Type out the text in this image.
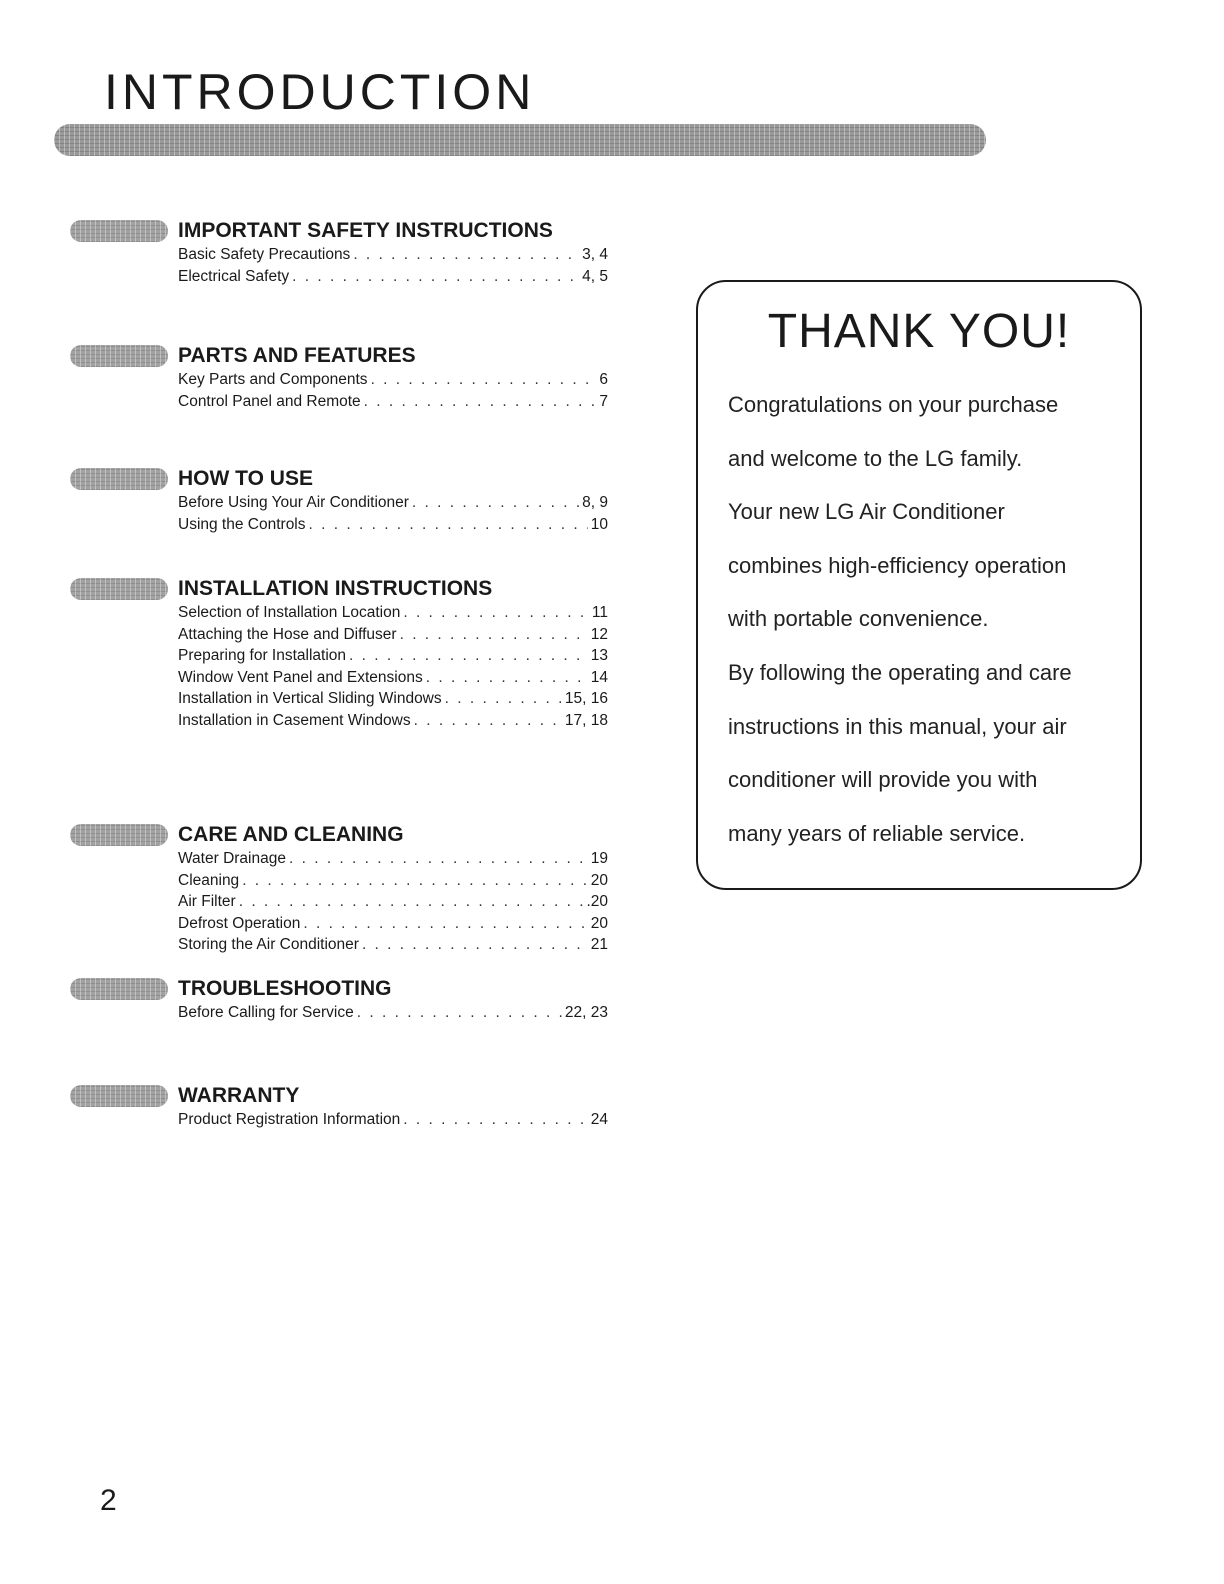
INTRODUCTION
IMPORTANT SAFETY INSTRUCTIONS
Basic Safety Precautions . . .	3, 4
Electrical Safety . . .	4, 5
PARTS AND FEATURES
Key Parts and Components . . .	6
Control Panel and Remote . . .	7
HOW TO USE
Before Using Your Air Conditioner . . .	8, 9
Using the Controls . . .	10
INSTALLATION INSTRUCTIONS
Selection of Installation Location . . .	11
Attaching the Hose and Diffuser . . .	12
Preparing for Installation . . .	13
Window Vent Panel and Extensions . . .	14
Installation in Vertical Sliding Windows . . .	15, 16
Installation in Casement Windows . . .	17, 18
CARE AND CLEANING
Water Drainage . . .	19
Cleaning . . .	20
Air Filter . . .	.20
Defrost Operation . . .	20
Storing the Air Conditioner . . .	21
TROUBLESHOOTING
Before Calling for Service . . .	22, 23
WARRANTY
Product Registration Information . . .	24
THANK YOU!
Congratulations on your purchase
and welcome to the LG family.
Your new LG Air Conditioner
combines high-efficiency operation
with portable convenience.
By following the operating and care
instructions in this manual, your air
conditioner will provide you with
many years of reliable service.
2
